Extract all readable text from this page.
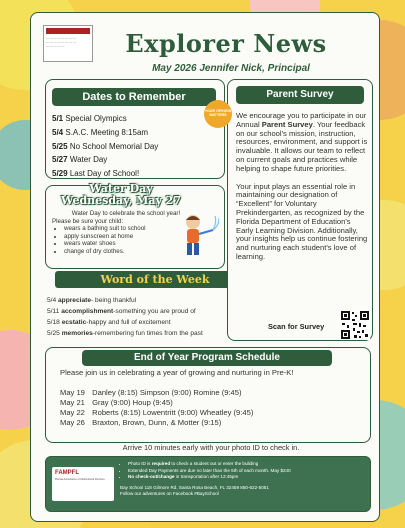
— — — — — — — —
— — — — — — — —
— — — — —	Explorer News
May 2026 Jennifer Nick, Principal
Dates to Remember
5/1 Special Olympics
5/4 S.A.C. Meeting 8:15am
5/25 No School Memorial Day
5/27 Water Day
5/29 Last Day of School!
Water Day
Wednesday, May 27
Water Day to celebrate the school year!
Please be sure your child:
• wears a bathing suit to school
• apply sunscreen at home
• wears water shoes
• change of dry clothes.
Word of the Week
5/4 appreciate- being thankful
5/11 accomplishment-something you are proud of
5/18 ecstatic-happy and full of excitement
5/25 memories-remembering fun times from the past
Parent Survey
YOUR OPINION MATTERS	We encourage you to participate in our Annual Parent Survey. Your feedback on our school's mission, instruction, resources, environment, and support is invaluable. It allows our team to reflect on current goals and practices while helping to shape future priorities.

Your input plays an essential role in maintaining our designation of “Excellent” for Voluntary Prekindergarten, as recognized by the Florida Department of Education's Early Learning Division. Additionally, your insights help us continue fostering and nurturing each student's love of learning.

Scan for Survey
End of Year Program Schedule
Please join us in celebrating a year of growing and nurturing in Pre-K!
May 19 Danley (8:15) Simpson (9:00) Romine (9:45)
May 21 Gray (9:00) Houp (9:45)
May 22 Roberts (8:15) Lowentritt (9:00) Wheatley (9:45)
May 26 Braxton, Brown, Dunn, & Motter (9:15)
Arrive 10 minutes early with your photo ID to check in.
FAMPFL
Florida Association of Multicultural Partners
• Photo ID is required to check a student out or enter the building
• Extended Day Payments are due no later than the 5th of each month. May $240
• No check-out/change in transportation after 12:45pm
Bay School 118 Gilmore Rd, Santa Rosa Beach, FL 32459 850-622-5051
Follow our adventures on Facebook #BaySchool
